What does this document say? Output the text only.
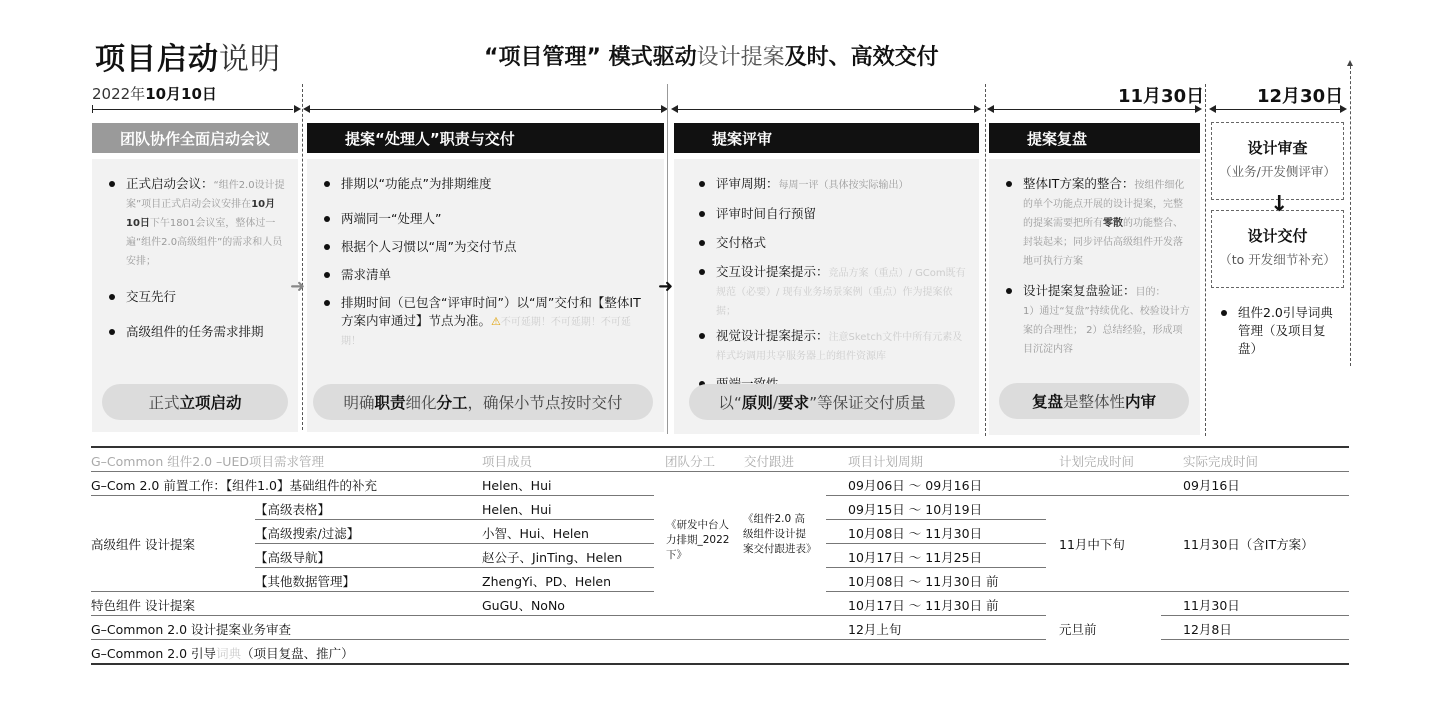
项目启动说明	“项目管理” 模式驱动设计提案及时、高效交付
2022年10月10日	11月30日	12月30日
团队协作全面启动会议
正式启动会议：“组件2.0设计提案”项目正式启动会议安排在10月10日下午1801会议室，整体过一遍“组件2.0高级组件”的需求和人员安排；
交互先行
高级组件的任务需求排期
正式 立项启动
➜
提案“处理人”职责与交付
排期以“功能点”为排期维度
两端同一“处理人”
根据个人习惯以“周”为交付节点
需求清单
排期时间（已包含“评审时间”）以“周”交付和【整体IT方案内审通过】节点为准。⚠不可延期！不可延期！不可延期！
明确 职责 细化 分工 ，确保小节点按时交付
➜
提案评审
评审周期：每周一评（具体按实际输出）
评审时间自行预留
交付格式
交互设计提案提示：竞品方案（重点）/ GCom既有规范（必要）/ 现有业务场景案例（重点）作为提案依据；
视觉设计提案提示：注意Sketch文件中所有元素及样式均调用共享服务器上的组件资源库
以“ 原则 / 要求 ”等保证交付质量
提案复盘
整体IT方案的整合：按组件细化的单个功能点开展的设计提案，完整的提案需要把所有零散的功能整合、封装起来；同步评估高级组件开发落地可执行方案
设计提案复盘验证：目的：
1）通过“复盘”持续优化、校验设计方案的合理性； 2）总结经验，形成项目沉淀内容
复盘 是整体性 内审
设计审查
（业务/开发侧评审）
↓
设计交付
（to 开发细节补充）
组件2.0引导词典管理（及项目复盘）
G–Common 组件2.0 –UED项目需求管理	项目成员	团队分工 交付跟进	项目计划周期	计划完成时间	实际完成时间
G–Com 2.0 前置工作：【组件1.0】基础组件的补充	Helen、Hui	09月06日 ～ 09月16日	09月16日
高级组件 设计提案
【高级表格】	Helen、Hui	09月15日 ～ 10月19日
【高级搜索/过滤】	小智、Hui、Helen	10月08日 ～ 11月30日
【高级导航】	赵公子、JinTing、Helen	10月17日 ～ 11月25日
【其他数据管理】	ZhengYi、PD、Helen	10月08日 ～ 11月30日 前
《研发中台人力排期_2022下》
《组件2.0 高级组件设计提案交付跟进表》	11月中下旬	11月30日（含IT方案）
特色组件 设计提案	GuGU、NoNo	10月17日 ～ 11月30日 前	11月30日
G–Common 2.0 设计提案业务审查	12月上旬	元旦前	12月8日
G–Common 2.0 引导词典（项目复盘、推广）
